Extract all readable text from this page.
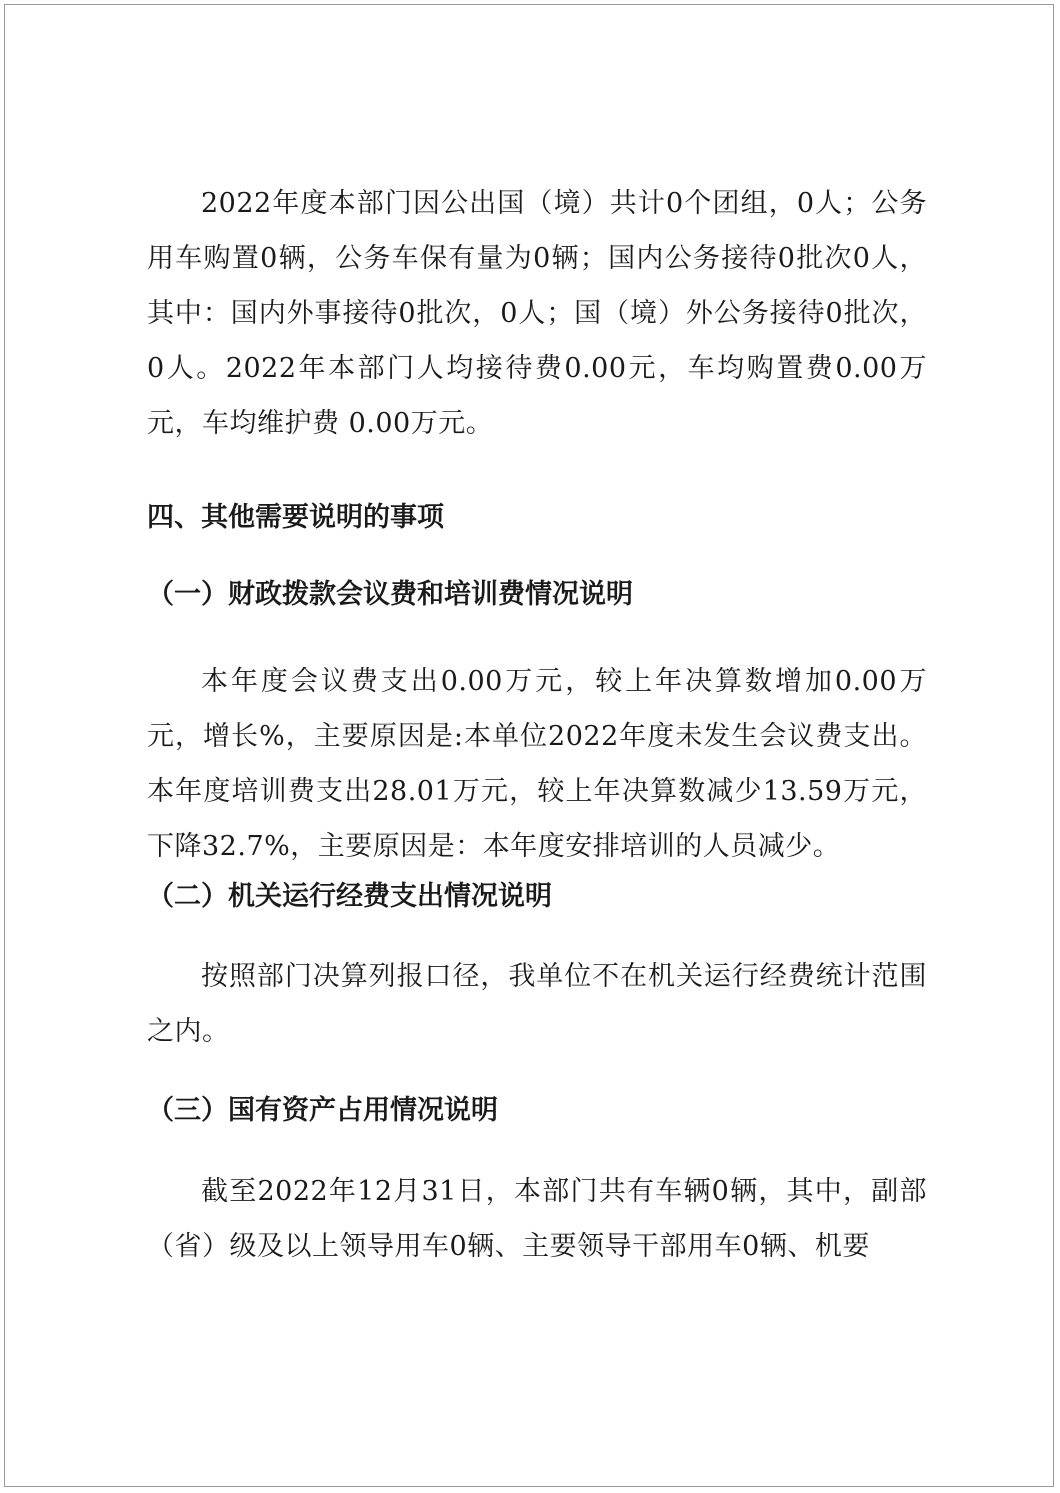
2022年度本部门因公出国（境）共计0个团组，0人；公务用车购置0辆，公务车保有量为0辆；国内公务接待0批次0人，其中：国内外事接待0批次，0人；国（境）外公务接待0批次，0人。2022年本部门人均接待费0.00元，车均购置费0.00万元，车均维护费 0.00万元。

四、其他需要说明的事项
（一）财政拨款会议费和培训费情况说明

本年度会议费支出0.00万元，较上年决算数增加0.00万元，增长%，主要原因是:本单位2022年度未发生会议费支出。本年度培训费支出28.01万元，较上年决算数减少13.59万元，下降32.7%，主要原因是：本年度安排培训的人员减少。

（二）机关运行经费支出情况说明

按照部门决算列报口径，我单位不在机关运行经费统计范围之内。

（三）国有资产占用情况说明

截至2022年12月31日，本部门共有车辆0辆，其中，副部（省）级及以上领导用车0辆、主要领导干部用车0辆、机要
